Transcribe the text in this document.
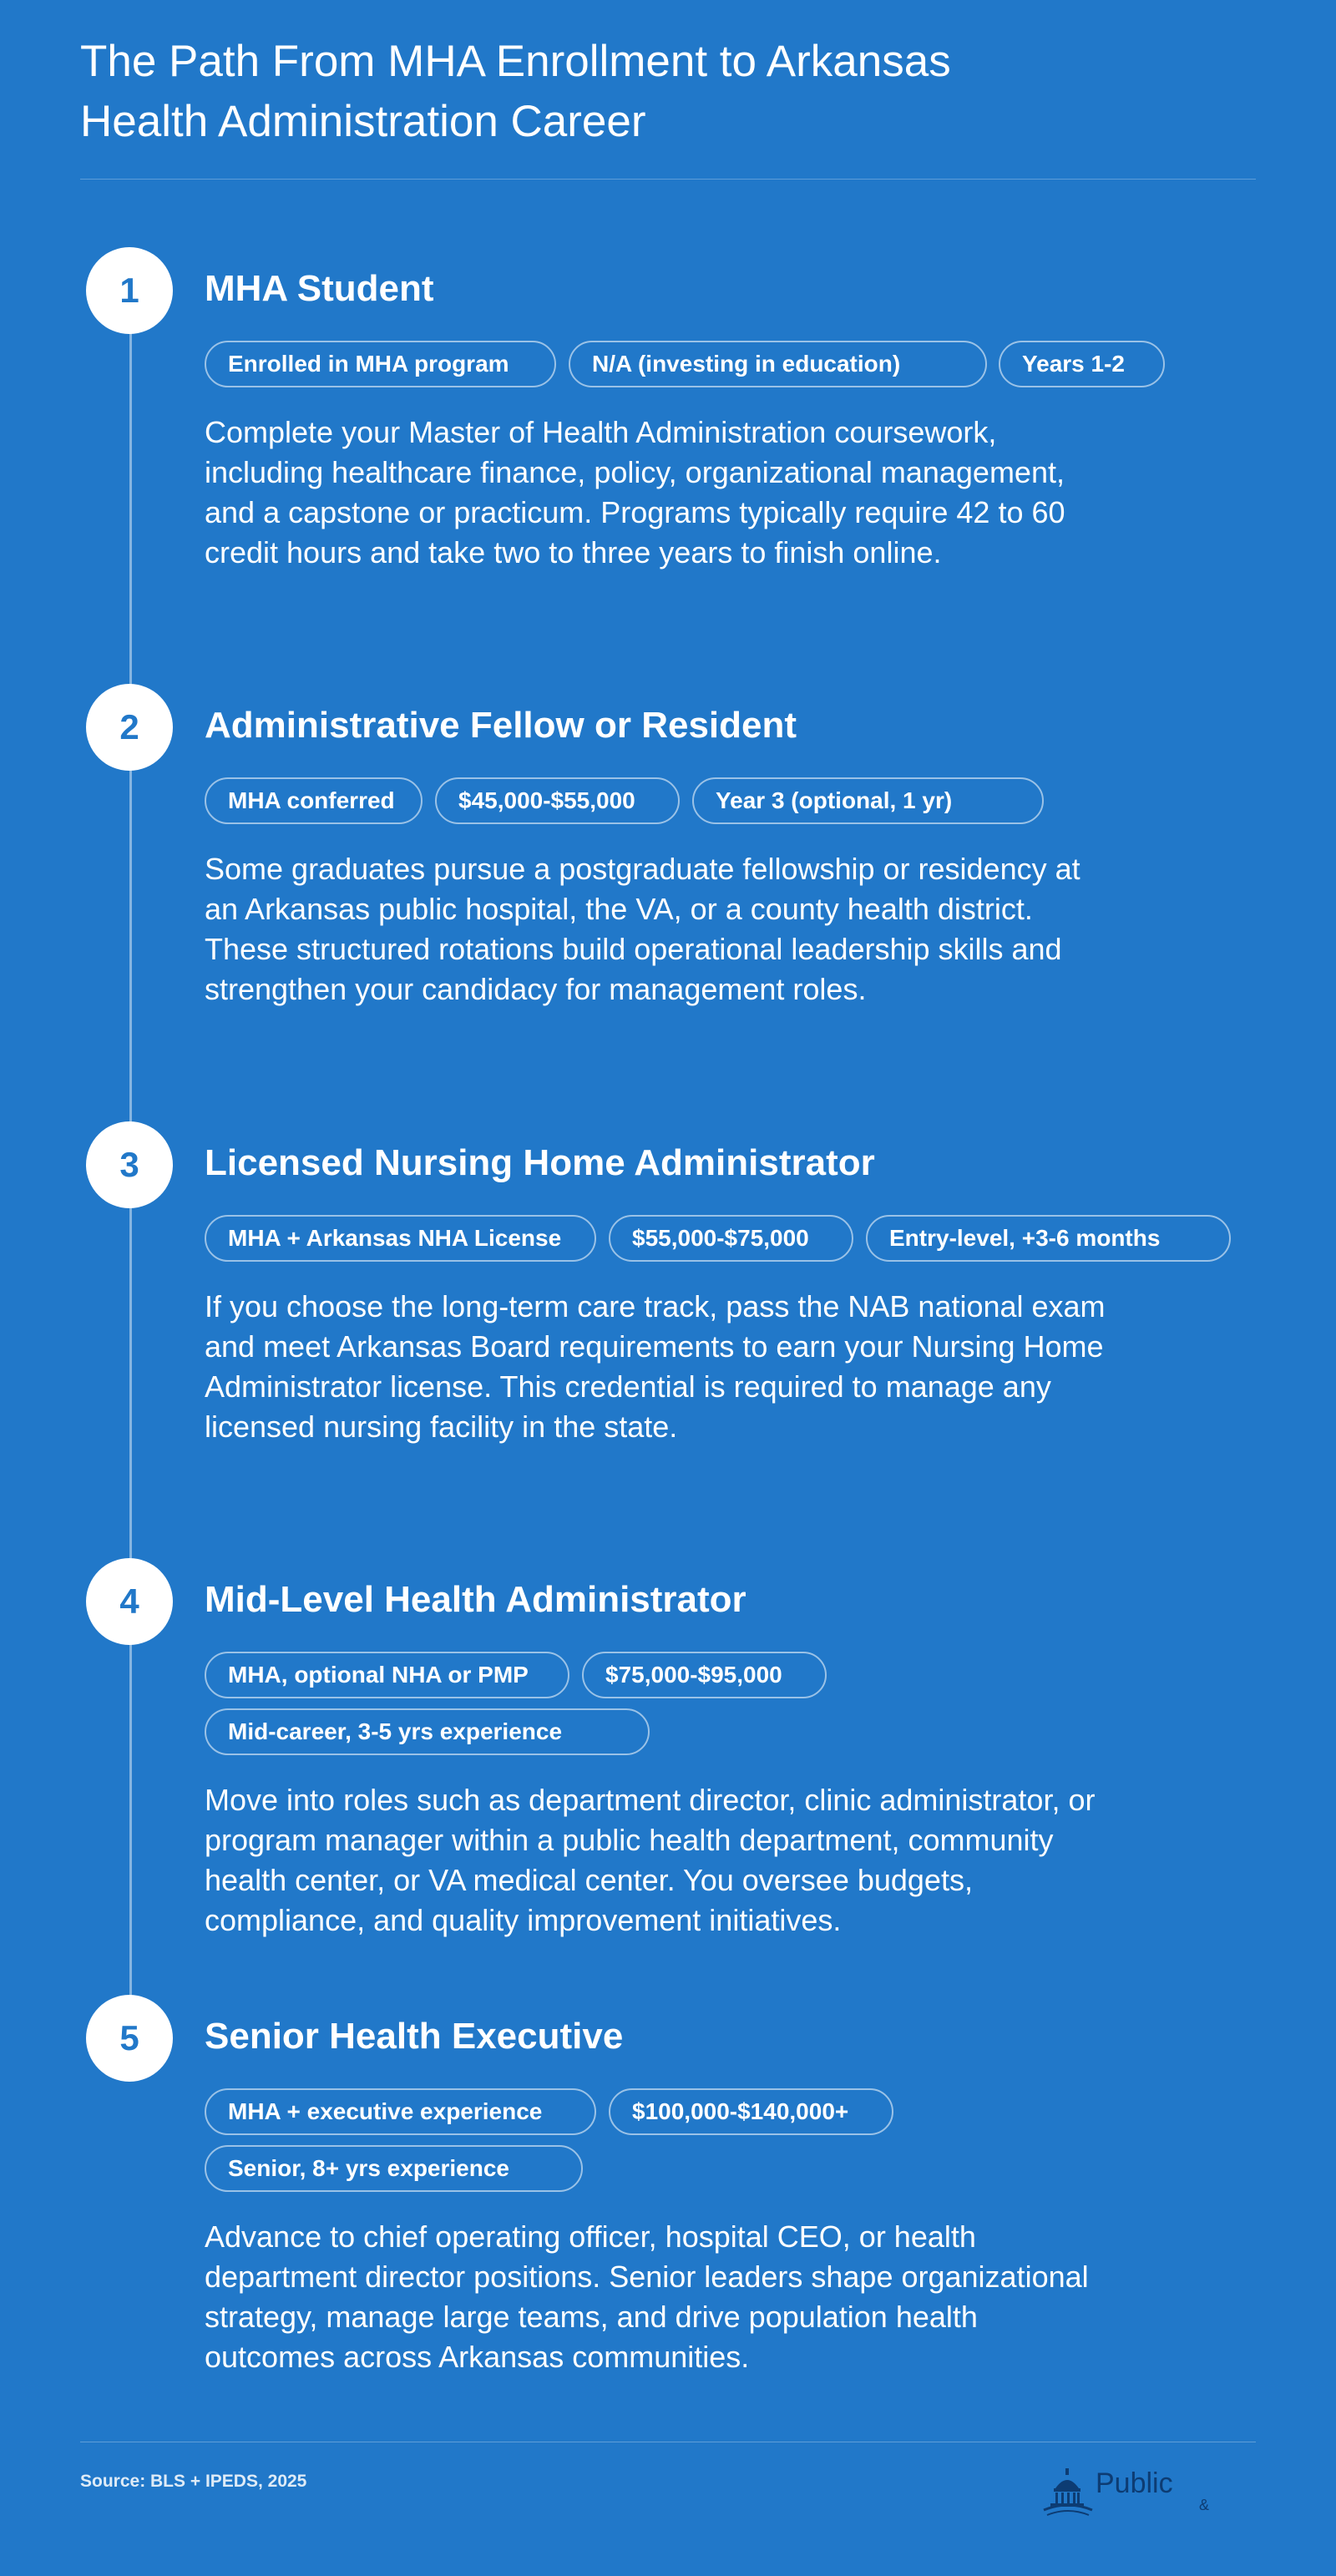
The Path From MHA Enrollment to Arkansas Health Administration Career
1	MHA Student
Enrolled in MHA program	N/A (investing in education)	Years 1-2

Complete your Master of Health Administration coursework, including healthcare finance, policy, organizational management, and a capstone or practicum. Programs typically require 42 to 60 credit hours and take two to three years to finish online.

2	Administrative Fellow or Resident
MHA conferred	$45,000-$55,000	Year 3 (optional, 1 yr)

Some graduates pursue a postgraduate fellowship or residency at an Arkansas public hospital, the VA, or a county health district. These structured rotations build operational leadership skills and strengthen your candidacy for management roles.

3	Licensed Nursing Home Administrator
MHA + Arkansas NHA License	$55,000-$75,000	Entry-level, +3-6 months

If you choose the long-term care track, pass the NAB national exam and meet Arkansas Board requirements to earn your Nursing Home Administrator license. This credential is required to manage any licensed nursing facility in the state.

4	Mid-Level Health Administrator
MHA, optional NHA or PMP	$75,000-$95,000
Mid-career, 3-5 yrs experience

Move into roles such as department director, clinic administrator, or program manager within a public health department, community health center, or VA medical center. You oversee budgets, compliance, and quality improvement initiatives.

5	Senior Health Executive
MHA + executive experience	$100,000-$140,000+
Senior, 8+ yrs experience

Advance to chief operating officer, hospital CEO, or health department director positions. Senior leaders shape organizational strategy, manage large teams, and drive population health outcomes across Arkansas communities.

Source: BLS + IPEDS, 2025	Public
&
